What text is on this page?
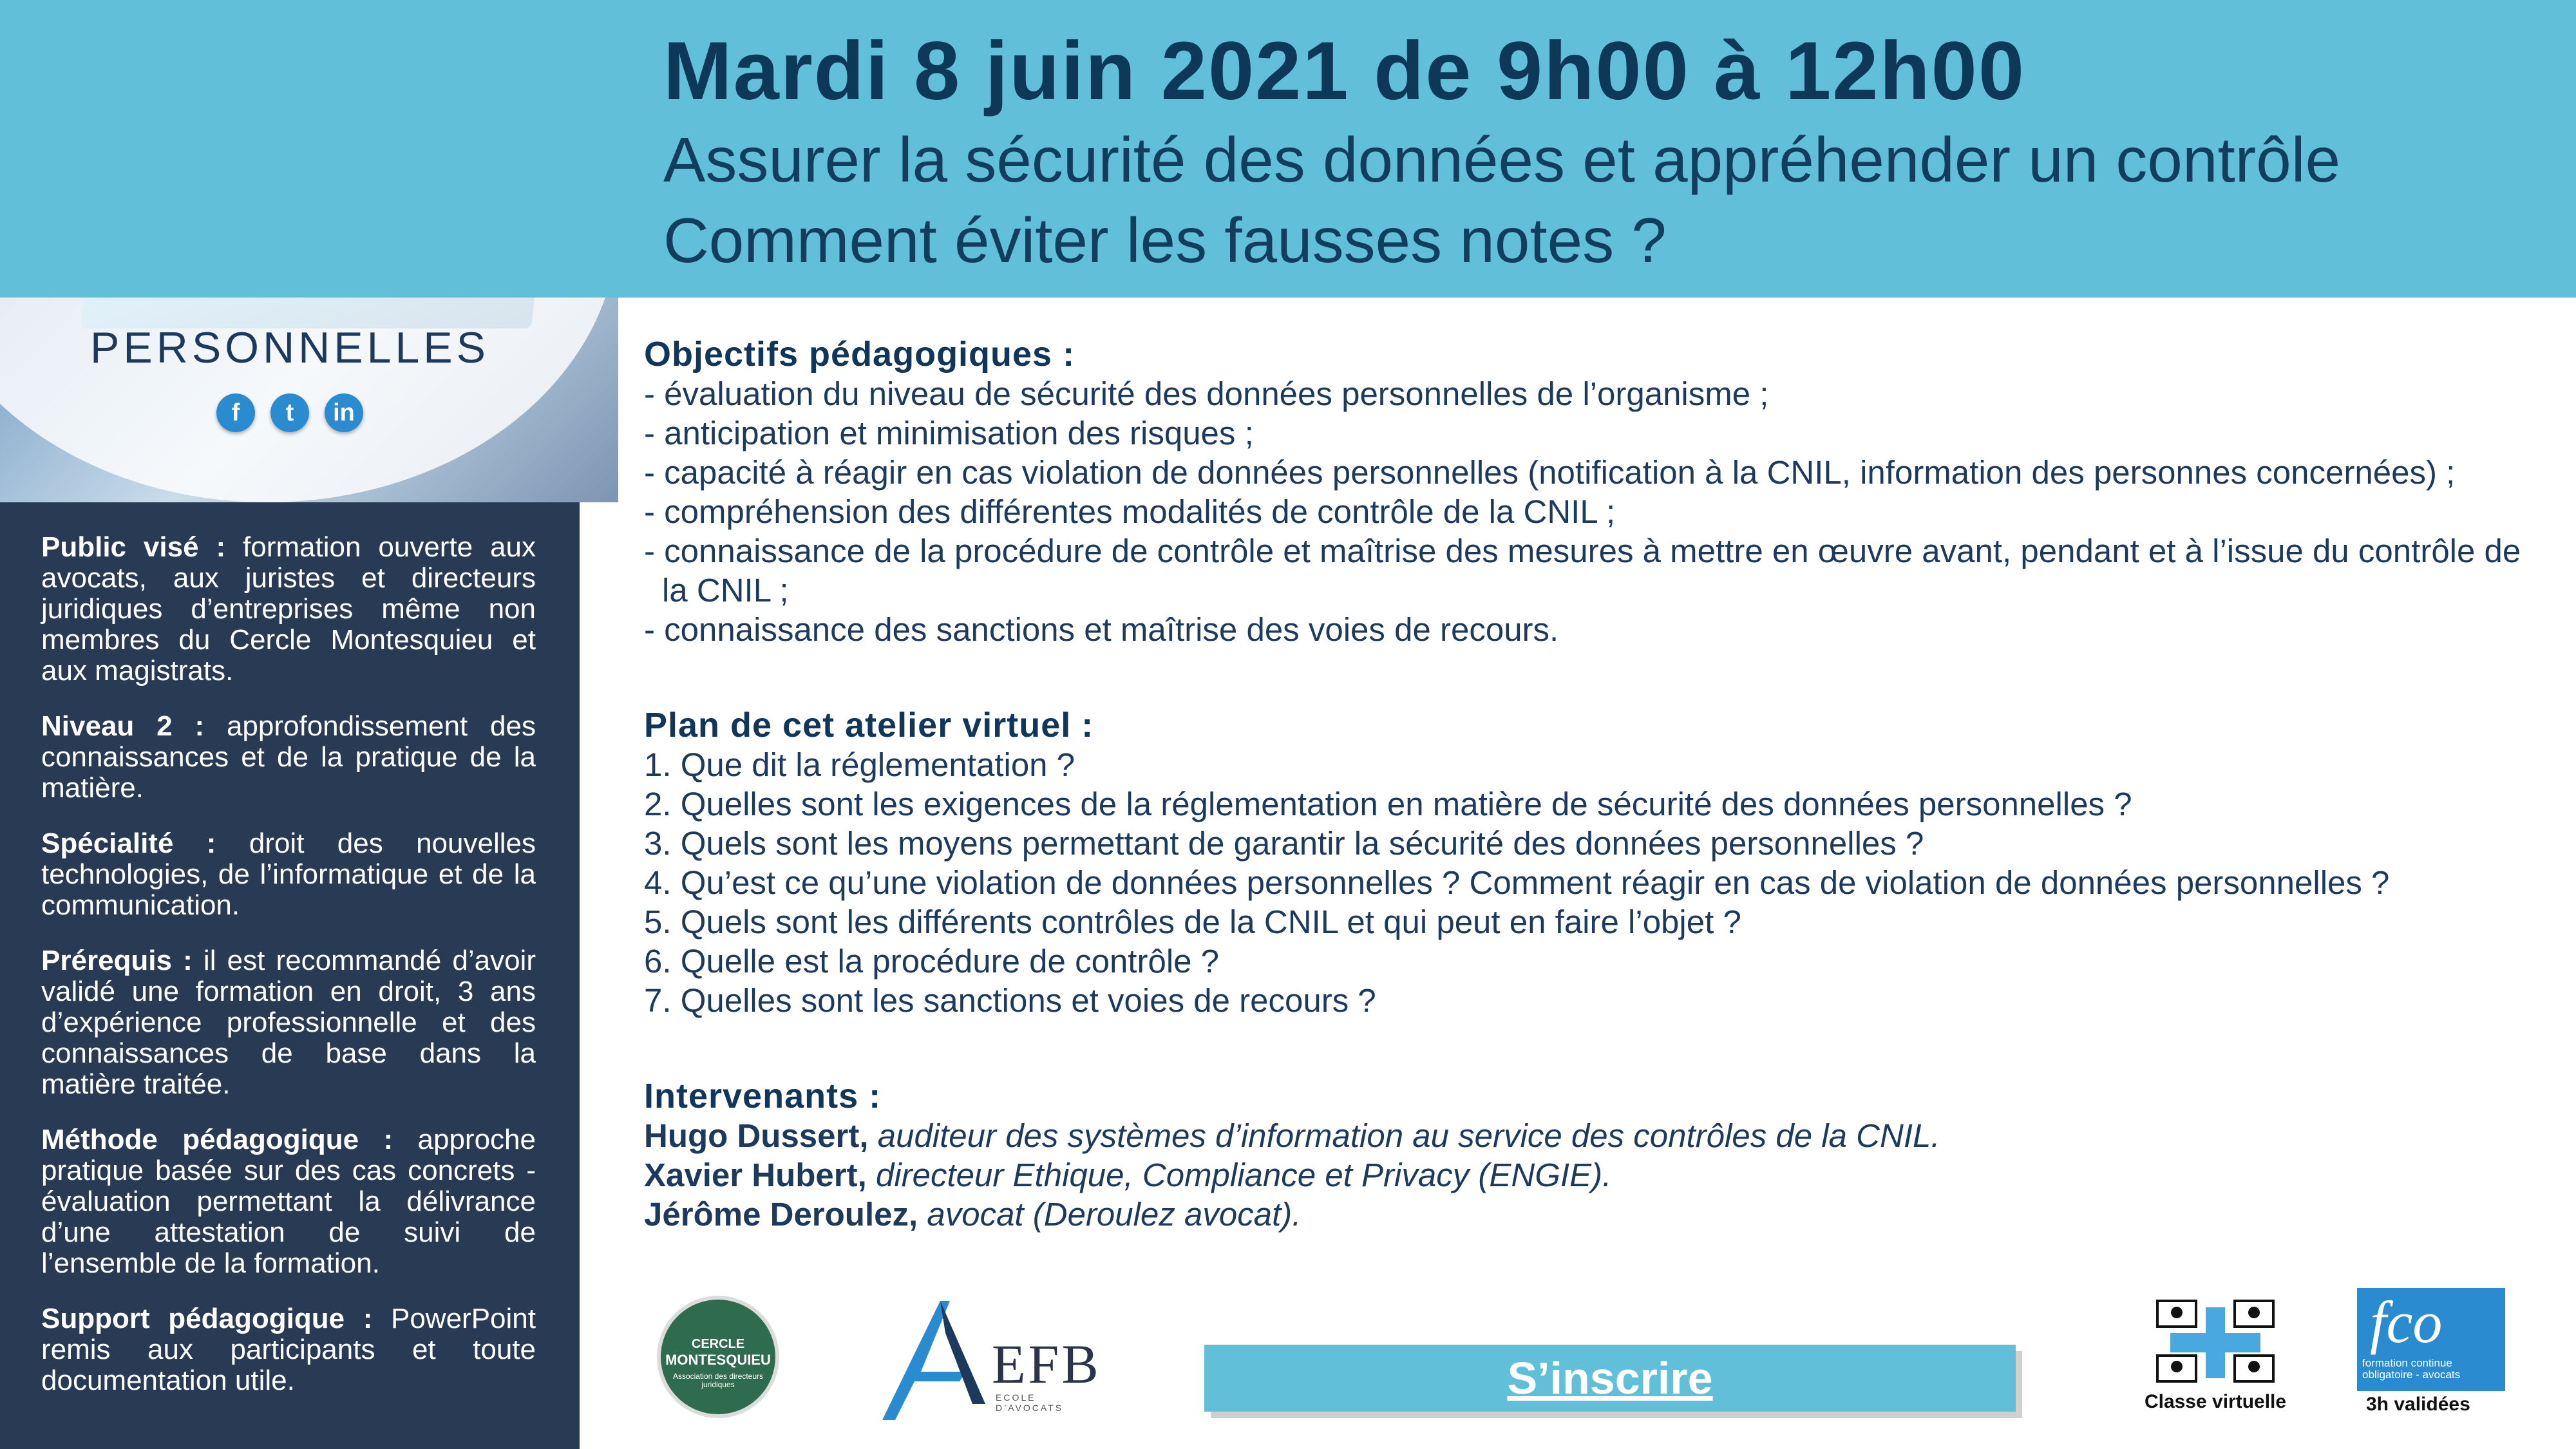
PERSONNELLES
f	t	in

Public visé : formation ouverte aux avocats, aux juristes et directeurs juridiques d’entreprises même non membres du Cercle Montesquieu et aux magistrats.

Niveau 2 : approfondissement des connaissances et de la pratique de la matière.

Spécialité : droit des nouvelles technologies, de l’informatique et de la communication.

Prérequis : il est recommandé d’avoir validé une formation en droit, 3 ans d’expérience professionnelle et des connaissances de base dans la matière traitée.

Méthode pédagogique : approche pratique basée sur des cas concrets - évaluation permettant la délivrance d’une attestation de suivi de l’ensemble de la formation.

Support pédagogique : PowerPoint remis aux participants et toute documentation utile.

Mardi 8 juin 2021 de 9h00 à 12h00
Assurer la sécurité des données et appréhender un contrôle
Comment éviter les fausses notes ?
Objectifs pédagogiques :
- évaluation du niveau de sécurité des données personnelles de l’organisme ;
- anticipation et minimisation des risques ;
- capacité à réagir en cas violation de données personnelles (notification à la CNIL, information des personnes concernées) ;
- compréhension des différentes modalités de contrôle de la CNIL ;
- connaissance de la procédure de contrôle et maîtrise des mesures à mettre en œuvre avant, pendant et à l’issue du contrôle de la CNIL ;
- connaissance des sanctions et maîtrise des voies de recours.
Plan de cet atelier virtuel :
1. Que dit la réglementation ?
2. Quelles sont les exigences de la réglementation en matière de sécurité des données personnelles ?
3. Quels sont les moyens permettant de garantir la sécurité des données personnelles ?
4. Qu’est ce qu’une violation de données personnelles ? Comment réagir en cas de violation de données personnelles ?
5. Quels sont les différents contrôles de la CNIL et qui peut en faire l’objet ?
6. Quelle est la procédure de contrôle ?
7. Quelles sont les sanctions et voies de recours ?
Intervenants :
Hugo Dussert, auditeur des systèmes d’information au service des contrôles de la CNIL.
Xavier Hubert, directeur Ethique, Compliance et Privacy (ENGIE).
Jérôme Deroulez, avocat (Deroulez avocat).
CERCLE
MONTESQUIEU
Association des directeurs juridiques	EFB
ECOLE D’AVOCATS
S’inscrire	Classe virtuelle
fco
formation continue obligatoire - avocats
3h validées
